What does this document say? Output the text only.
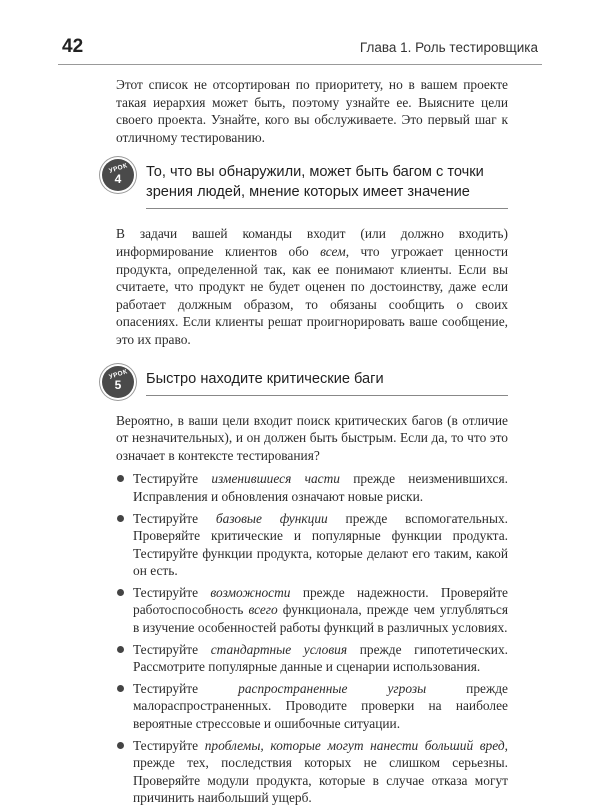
42	Глава 1. Роль тестировщика

Этот список не отсортирован по приоритету, но в вашем проекте такая иерархия может быть, поэтому узнайте ее. Выясните цели своего проекта. Узнайте, кого вы обслуживаете. Это первый шаг к отличному тестированию.

УРОК
4 То, что вы обнаружили, может быть багом с точки зрения людей, мнение которых имеет значение

В задачи вашей команды входит (или должно входить) информирование клиентов обо всем, что угрожает ценности продукта, определенной так, как ее понимают клиенты. Если вы считаете, что продукт не будет оценен по достоинству, даже если работает должным образом, то обязаны сообщить о своих опасениях. Если клиенты решат проигнорировать ваше сообщение, это их право.

УРОК
5 Быстро находите критические баги

Вероятно, в ваши цели входит поиск критических багов (в отличие от незначительных), и он должен быть быстрым. Если да, то что это означает в контексте тестирования?

Тестируйте изменившиеся части прежде неизменившихся. Исправления и обновления означают новые риски.
Тестируйте базовые функции прежде вспомогательных. Проверяйте критические и популярные функции продукта. Тестируйте функции продукта, которые делают его таким, какой он есть.
Тестируйте возможности прежде надежности. Проверяйте работоспособность всего функционала, прежде чем углубляться в изучение особенностей работы функций в различных условиях.
Тестируйте стандартные условия прежде гипотетических. Рассмотрите популярные данные и сценарии использования.
Тестируйте распространенные угрозы прежде малораспространенных. Проводите проверки на наиболее вероятные стрессовые и ошибочные ситуации.
Тестируйте проблемы, которые могут нанести больший вред, прежде тех, последствия которых не слишком серьезны. Проверяйте модули продукта, которые в случае отказа могут причинить наибольший ущерб.
